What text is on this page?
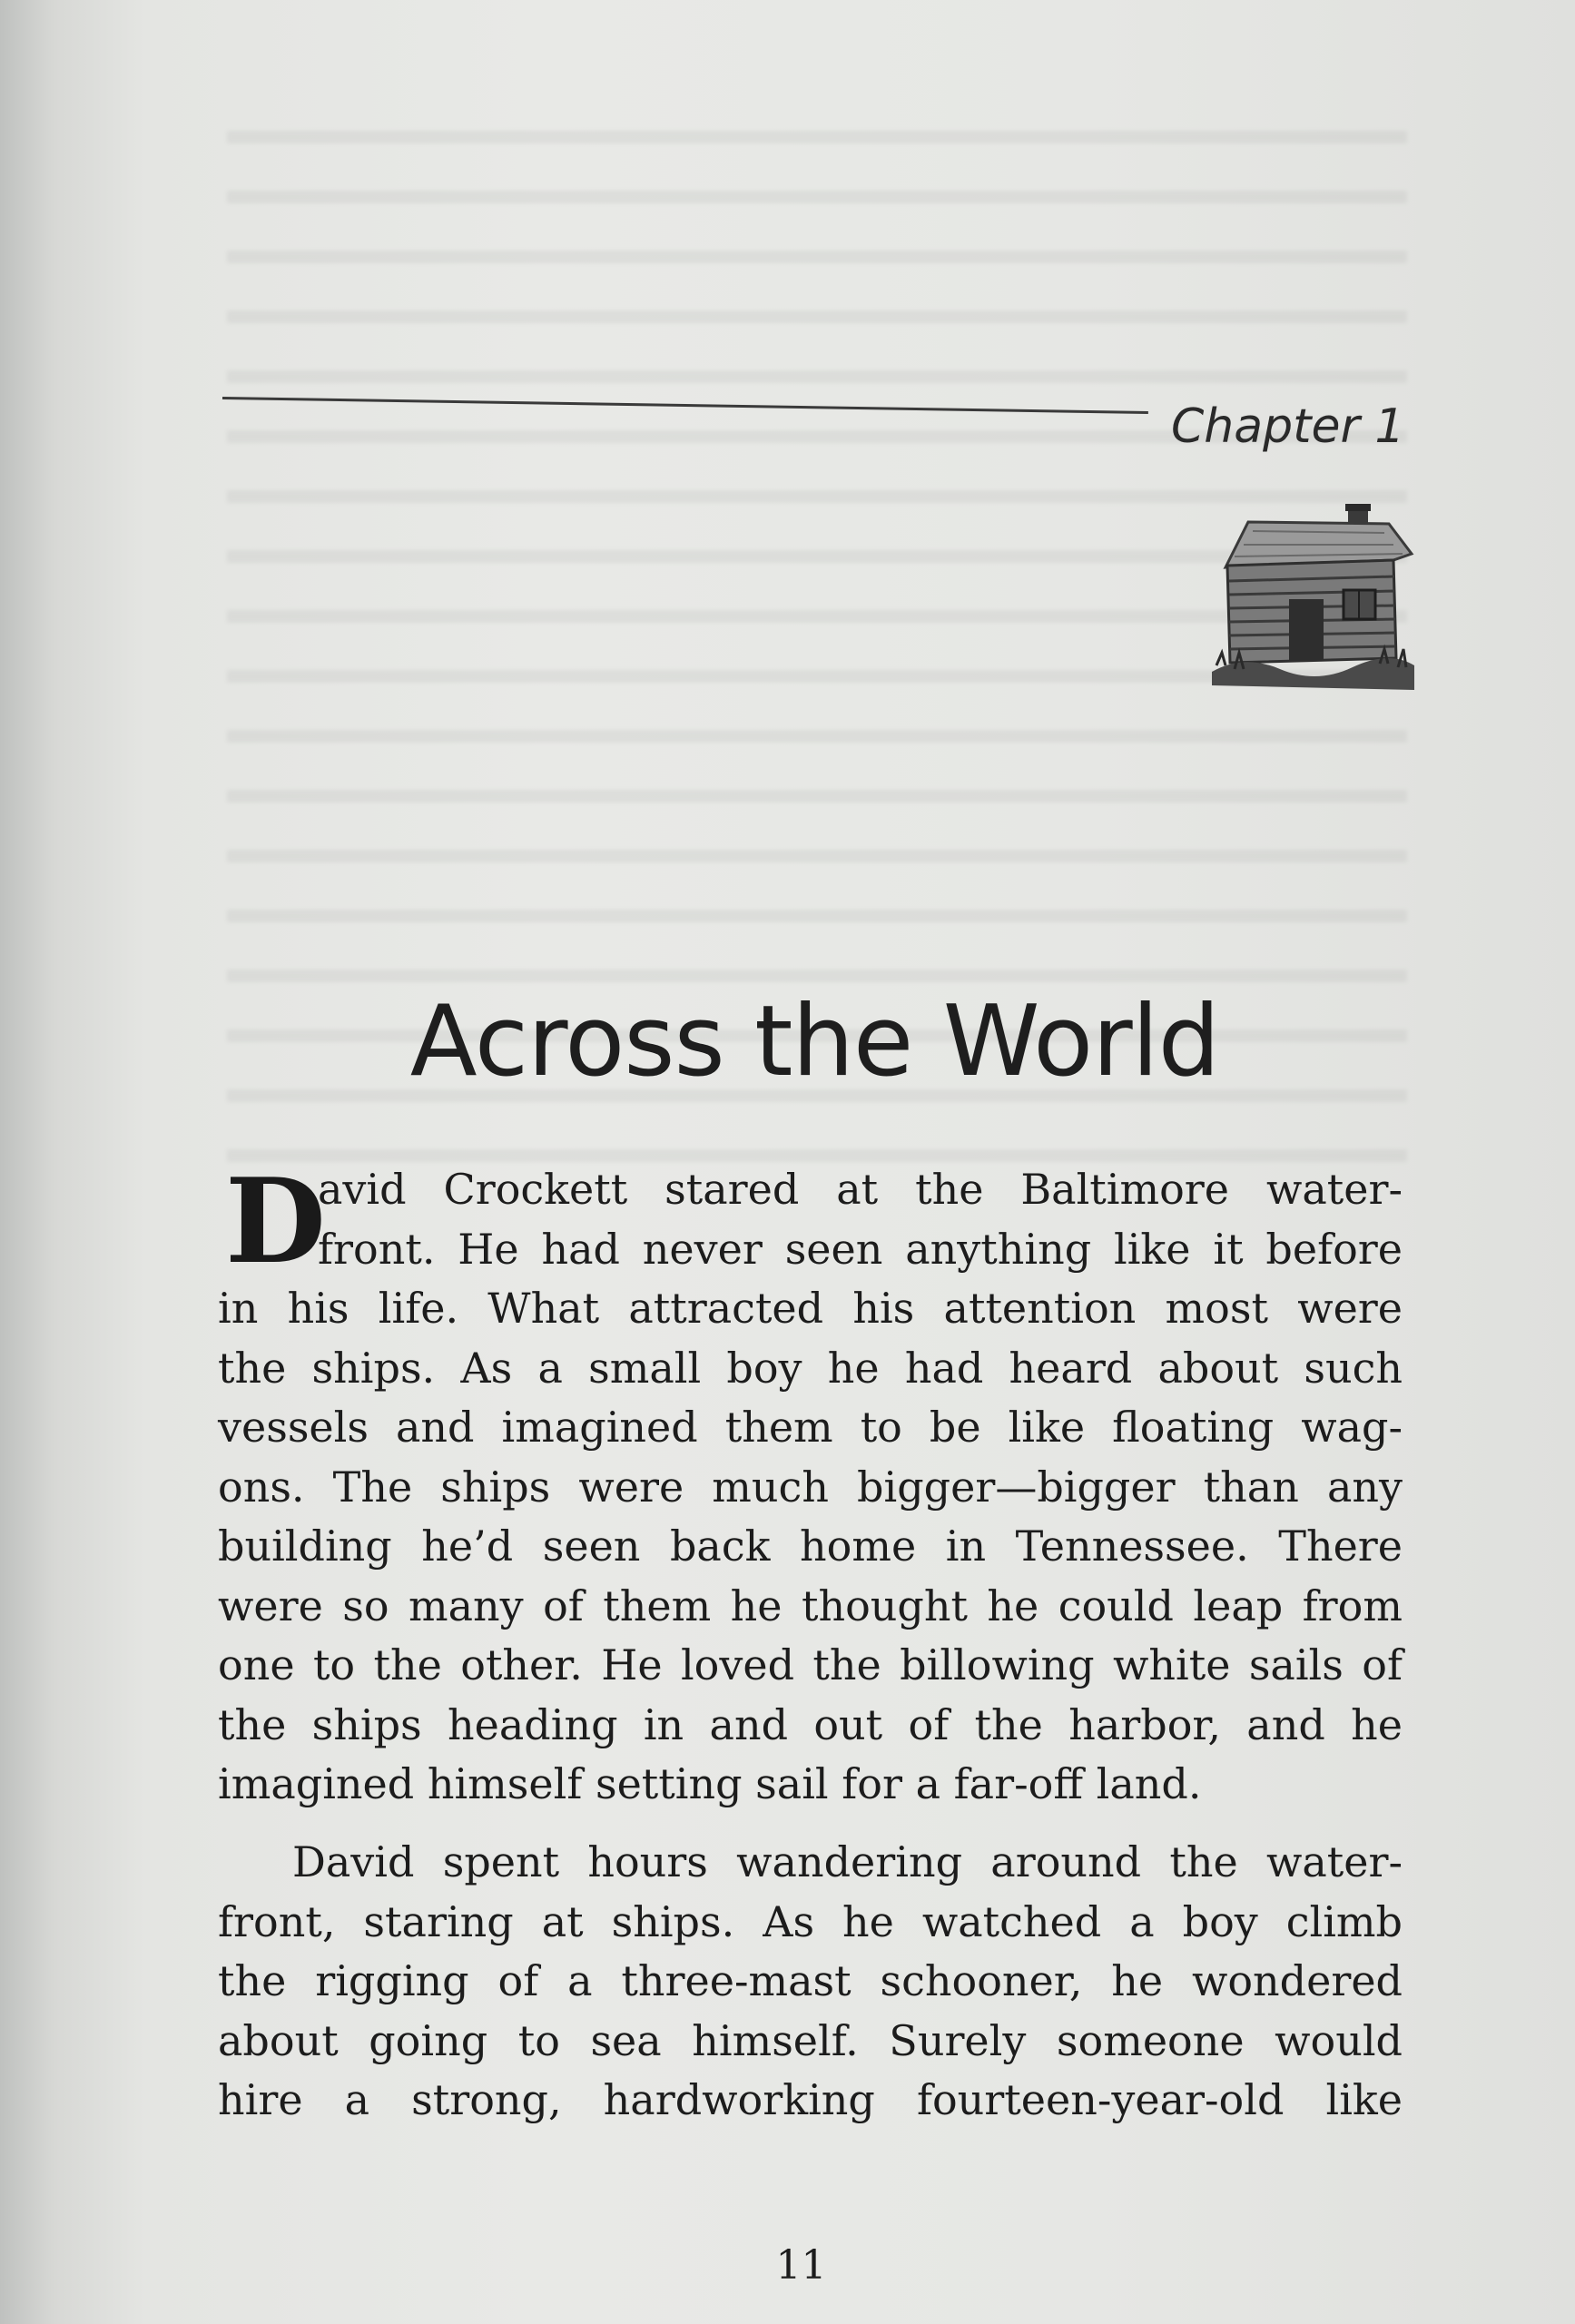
Chapter 1
Across the World
D
avid Crockett stared at the Baltimore water-
front. He had never seen anything like it before
in his life. What attracted his attention most were
the ships. As a small boy he had heard about such
vessels and imagined them to be like floating wag-
ons. The ships were much bigger—bigger than any
building he’d seen back home in Tennessee. There
were so many of them he thought he could leap from
one to the other. He loved the billowing white sails of
the ships heading in and out of the harbor, and he
imagined himself setting sail for a far-off land.
David spent hours wandering around the water-
front, staring at ships. As he watched a boy climb
the rigging of a three-mast schooner, he wondered
about going to sea himself. Surely someone would
hire a strong, hardworking fourteen-year-old like
11
